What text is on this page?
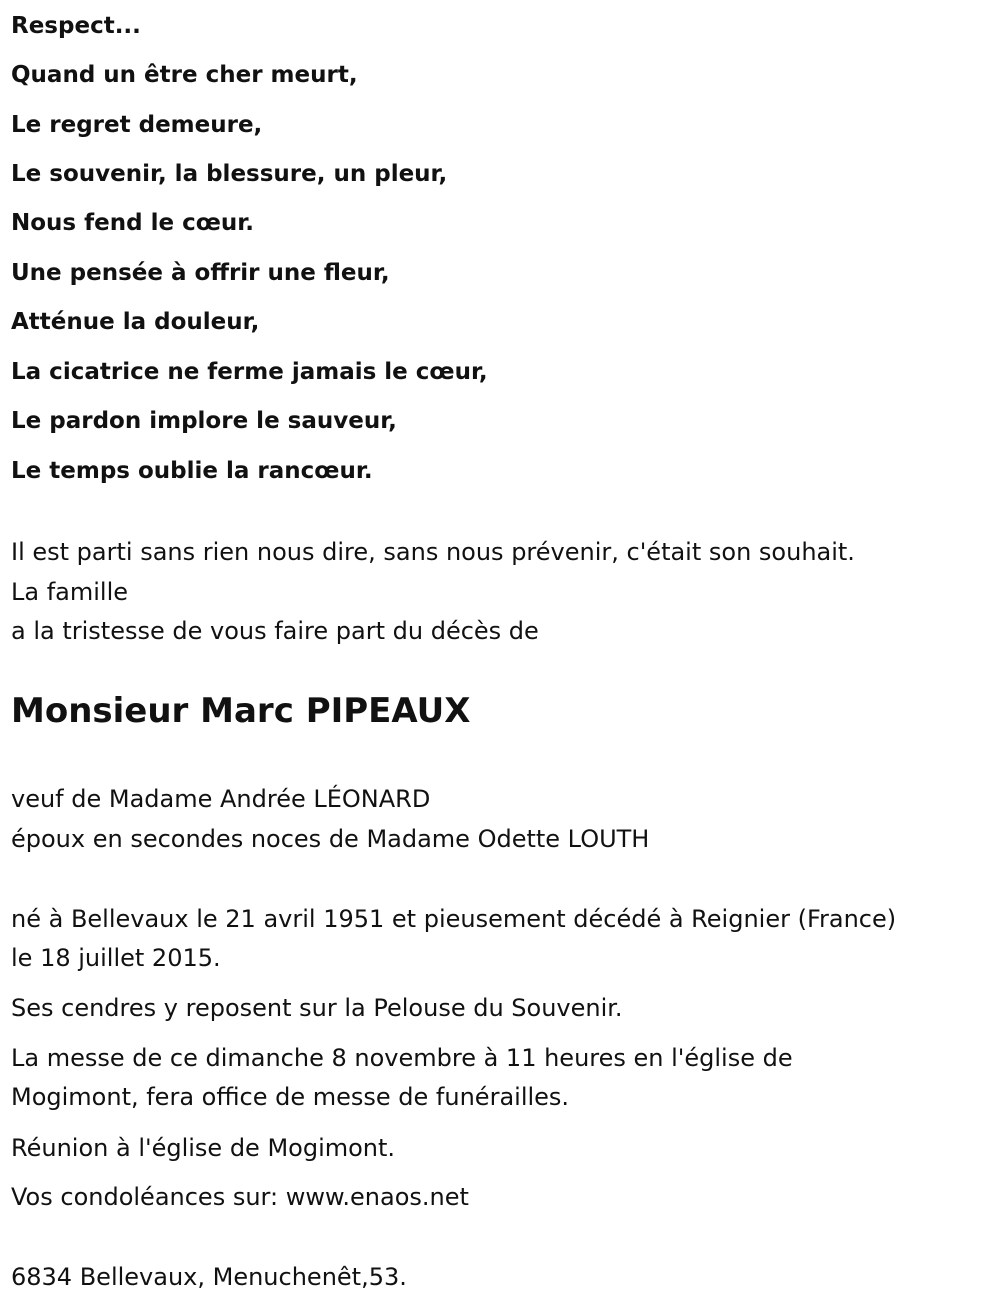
Respect...
Quand un être cher meurt,
Le regret demeure,
Le souvenir, la blessure, un pleur,
Nous fend le cœur.
Une pensée à offrir une fleur,
Atténue la douleur,
La cicatrice ne ferme jamais le cœur,
Le pardon implore le sauveur,
Le temps oublie la rancœur.
Il est parti sans rien nous dire, sans nous prévenir, c'était son souhait.
La famille
a la tristesse de vous faire part du décès de
Monsieur Marc PIPEAUX
veuf de Madame Andrée LÉONARD
époux en secondes noces de Madame Odette LOUTH
né à Bellevaux le 21 avril 1951 et pieusement décédé à Reignier (France)
le 18 juillet 2015.
Ses cendres y reposent sur la Pelouse du Souvenir.
La messe de ce dimanche 8 novembre à 11 heures en l'église de
Mogimont, fera office de messe de funérailles.
Réunion à l'église de Mogimont.
Vos condoléances sur: www.enaos.net
6834 Bellevaux, Menuchenêt,53.
